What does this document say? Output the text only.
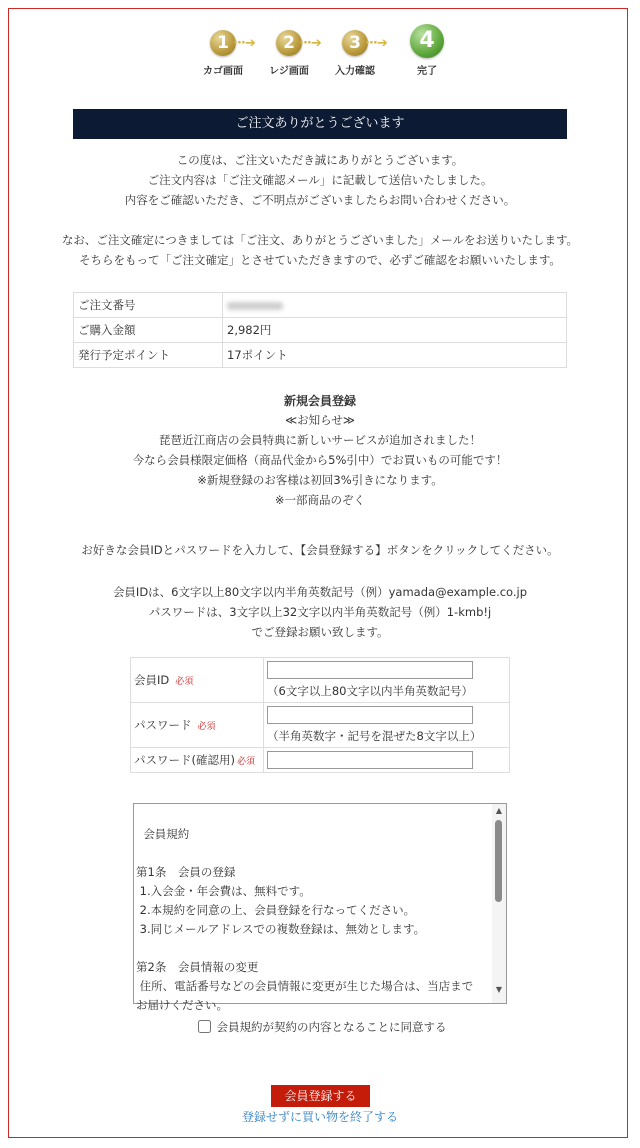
1
カゴ画面
···➔	2
レジ画面
···➔	3
入力確認
···➔	4
完了
ご注文ありがとうございます
この度は、ご注文いただき誠にありがとうございます。
ご注文内容は「ご注文確認メール」に記載して送信いたしました。
内容をご確認いただき、ご不明点がございましたらお問い合わせください。
なお、ご注文確定につきましては「ご注文、ありがとうございました」メールをお送りいたします。
そちらをもって「ご注文確定」とさせていただきますので、必ずご確認をお願いいたします。
ご注文番号	
ご購入金額	2,982円
発行予定ポイント	17ポイント
新規会員登録
≪お知らせ≫
琵琶近江商店の会員特典に新しいサービスが追加されました！
今なら会員様限定価格（商品代金から5%引中）でお買いもの可能です！
※新規登録のお客様は初回3%引きになります。
※一部商品のぞく
お好きな会員IDとパスワードを入力して、【会員登録する】ボタンをクリックしてください。
会員IDは、6文字以上80文字以内半角英数記号（例）yamada@example.co.jp
パスワードは、3文字以上32文字以内半角英数記号（例）1-kmb!j
でご登録お願い致します。
会員ID 必須	（6文字以上80文字以内半角英数記号）

パスワード 必須	（半角英数字・記号を混ぜた8文字以上）

パスワード(確認用) 必須	

会員規約

第1条　会員の登録
1.入会金・年会費は、無料です。
2.本規約を同意の上、会員登録を行なってください。
3.同じメールアドレスでの複数登録は、無効とします。

第2条　会員情報の変更
住所、電話番号などの会員情報に変更が生じた場合は、当店まで
お届けください。

▲

▼

会員規約が契約の内容となることに同意する
会員登録する
登録せずに買い物を終了する
